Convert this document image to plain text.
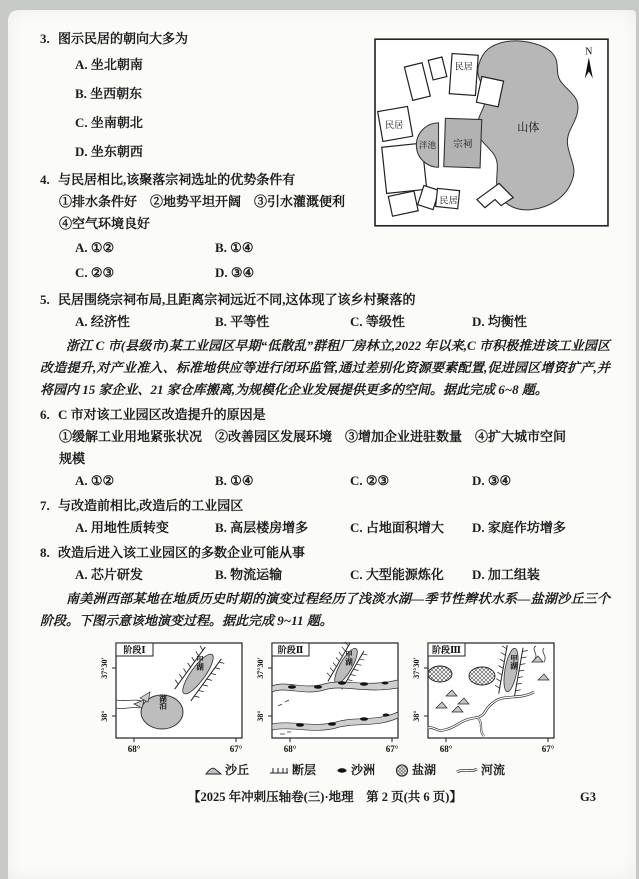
山体
N
泮池 宗祠
民居
民居
民居
3. 图示民居的朝向大多为
A. 坐北朝南
B. 坐西朝东
C. 坐南朝北
D. 坐东朝西
4. 与民居相比,该聚落宗祠选址的优势条件有
①排水条件好　②地势平坦开阔　③引水灌溉便利
④空气环境良好
A. ①②	B. ①④
C. ②③	D. ③④
5. 民居围绕宗祠布局,且距离宗祠远近不同,这体现了该乡村聚落的
A. 经济性	B. 平等性	C. 等级性	D. 均衡性

浙江 C 市(县级市)某工业园区早期“低散乱”群租厂房林立,2022 年以来,C 市积极推进该工业园区改造提升,对产业准入、标准地供应等进行闭环监管,通过差别化资源要素配置,促进园区增资扩产,并将园内 15 家企业、21 家仓库搬离,为规模化企业发展提供更多的空间。据此完成 6~8 题。

6. C 市对该工业园区改造提升的原因是
①缓解工业用地紧张状况　②改善园区发展环境　③增加企业进驻数量　④扩大城市空间
规模
A. ①②	B. ①④	C. ②③	D. ③④
7. 与改造前相比,改造后的工业园区
A. 用地性质转变	B. 高层楼房增多	C. 占地面积增大	D. 家庭作坊增多
8. 改造后进入该工业园区的多数企业可能从事
A. 芯片研发	B. 物流运输	C. 大型能源炼化	D. 加工组装

南美洲西部某地在地质历史时期的演变过程经历了浅淡水湖—季节性辫状水系—盐湖沙丘三个阶段。下图示意该地演变过程。据此完成 9~11 题。

阶段Ⅰ
37°30′
38°
68°	67°
甲湖
湖泊
阶段Ⅱ
37°30′
38°
68°	67°
甲湖
阶段Ⅲ
37°30′
38°
68°	67°
甲湖
沙丘	断层	沙洲	盐湖	河流
【2025 年冲刺压轴卷(三)·地理　第 2 页(共 6 页)】	G3
